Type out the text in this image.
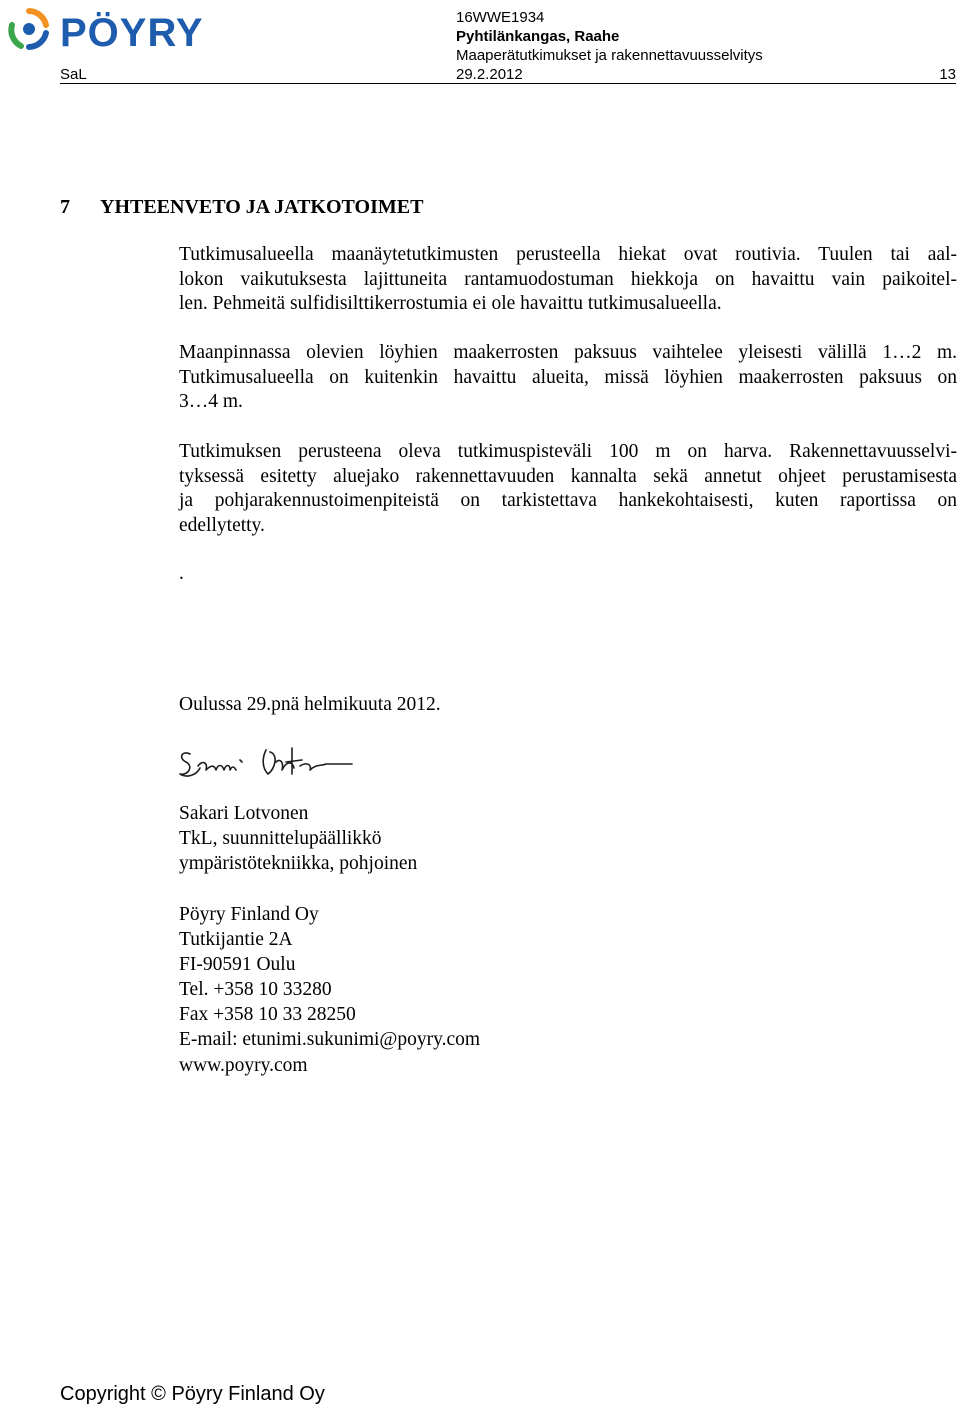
PÖYRY	16WWE1934
Pyhtilänkangas, Raahe
Maaperätutkimukset ja rakennettavuusselvitys
SaL	29.2.2012	13
7 YHTEENVETO JA JATKOTOIMET

Tutkimusalueella maanäytetutkimusten perusteella hiekat ovat routivia. Tuulen tai aal-
lokon vaikutuksesta lajittuneita rantamuodostuman hiekkoja on havaittu vain paikoitel-
len. Pehmeitä sulfidisilttikerrostumia ei ole havaittu tutkimusalueella.

Maanpinnassa olevien löyhien maakerrosten paksuus vaihtelee yleisesti välillä 1…2 m.
Tutkimusalueella on kuitenkin havaittu alueita, missä löyhien maakerrosten paksuus on
3…4 m.

Tutkimuksen perusteena oleva tutkimuspisteväli 100 m on harva. Rakennettavuusselvi-
tyksessä esitetty aluejako rakennettavuuden kannalta sekä annetut ohjeet perustamisesta
ja pohjarakennustoimenpiteistä on tarkistettava hankekohtaisesti, kuten raportissa on
edellytetty.

.
Oulussa 29.pnä helmikuuta 2012.
Sakari Lotvonen
TkL, suunnittelupäällikkö
ympäristötekniikka, pohjoinen
Pöyry Finland Oy
Tutkijantie 2A
FI-90591 Oulu
Tel. +358 10 33280
Fax +358 10 33 28250
E-mail: etunimi.sukunimi@poyry.com
www.poyry.com
Copyright © Pöyry Finland Oy
